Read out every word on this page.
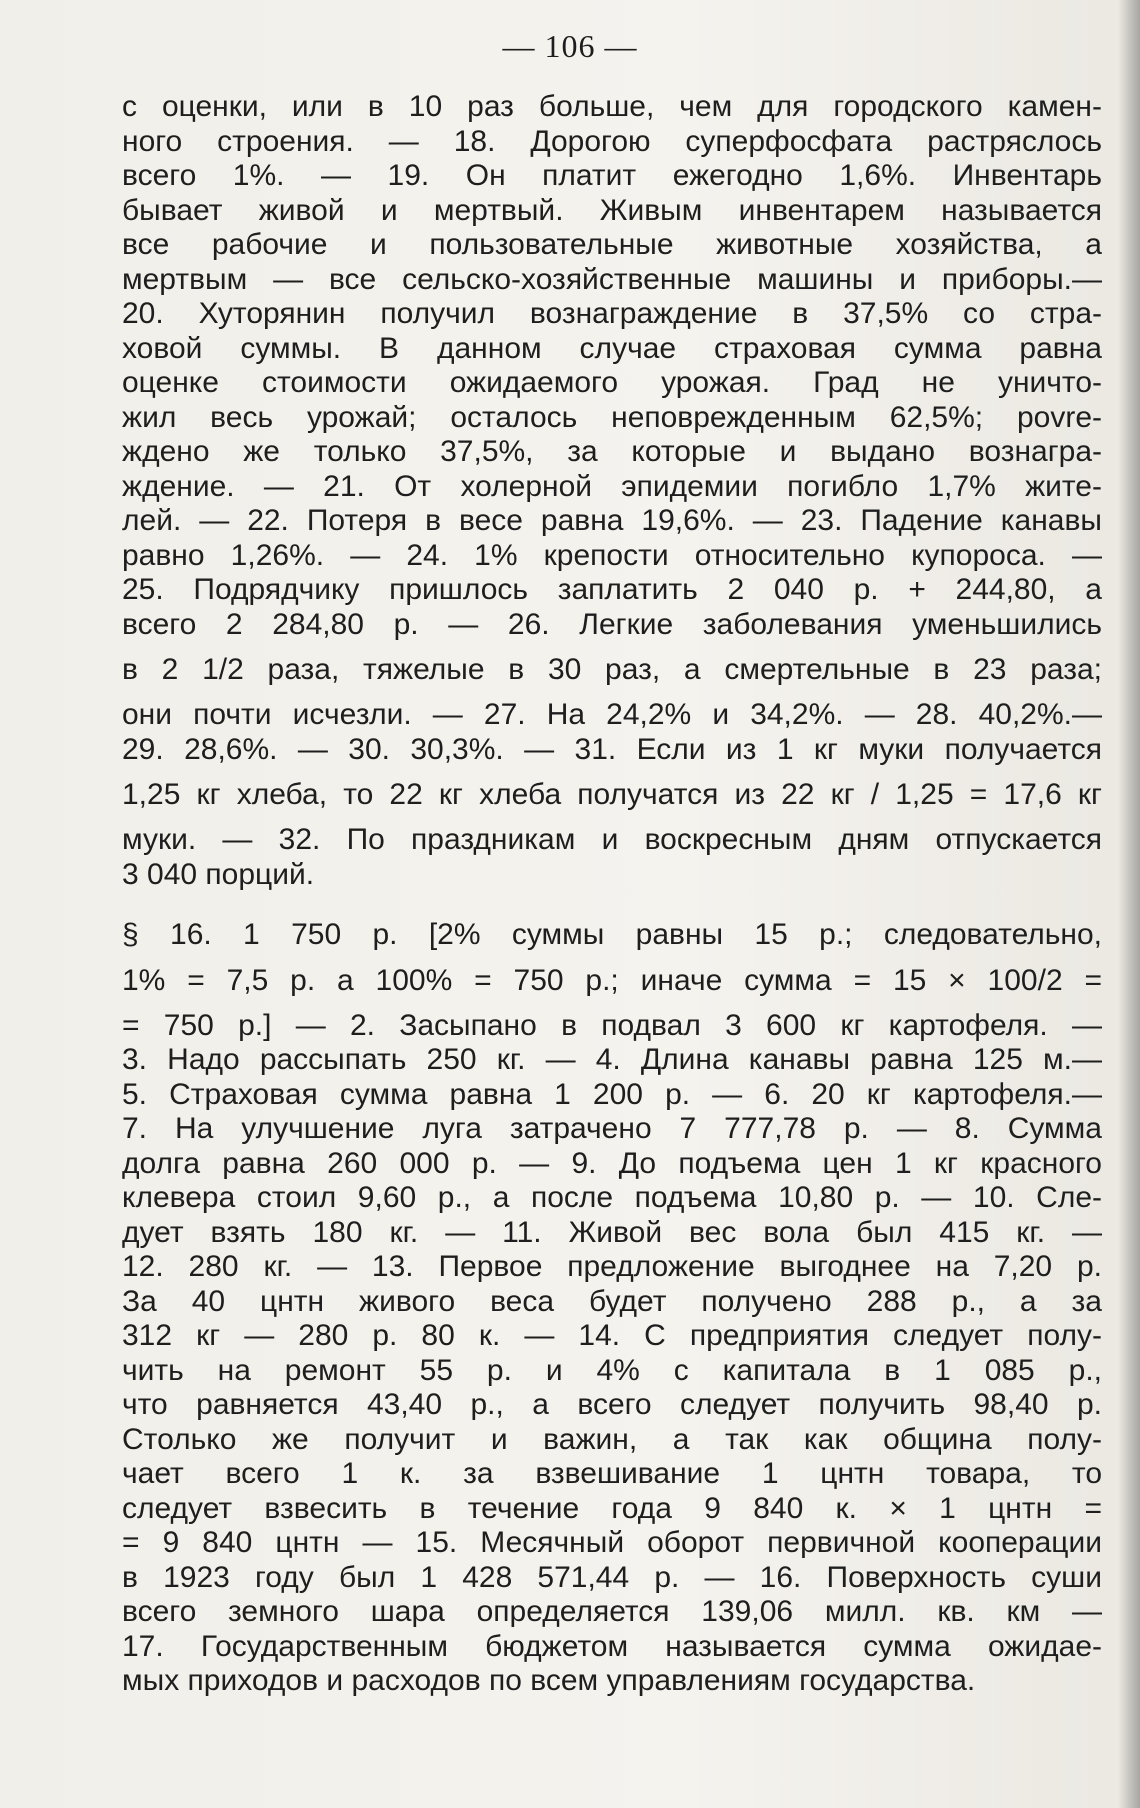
— 106 —
с оценки, или в 10 раз больше, чем для городского камен-
ного строения. — 18. Дорогою суперфосфата растряслось
всего 1%. — 19. Он платит ежегодно 1,6%. Инвентарь
бывает живой и мертвый. Живым инвентарем называется
все рабочие и пользовательные животные хозяйства, а
мертвым — все сельско-хозяйственные машины и приборы.—
20. Хуторянин получил вознаграждение в 37,5% со стра-
ховой суммы. В данном случае страховая сумма равна
оценке стоимости ожидаемого урожая. Град не уничто-
жил весь урожай; осталось неповрежденным 62,5%; povre-
ждено же только 37,5%, за которые и выдано вознагра-
ждение. — 21. От холерной эпидемии погибло 1,7% жите-
лей. — 22. Потеря в весе равна 19,6%. — 23. Падение канавы
равно 1,26%. — 24. 1% крепости относительно купороса. —
25. Подрядчику пришлось заплатить 2 040 р. + 244,80, а
всего 2 284,80 р. — 26. Легкие заболевания уменьшились
в 2 1/2 раза, тяжелые в 30 раз, а смертельные в 23 раза;
они почти исчезли. — 27. На 24,2% и 34,2%. — 28. 40,2%.—
29. 28,6%. — 30. 30,3%. — 31. Если из 1 кг муки получается
1,25 кг хлеба, то 22 кг хлеба получатся из 22 кг / 1,25 = 17,6 кг
муки. — 32. По праздникам и воскресным дням отпускается
3 040 порций.
§ 16. 1 750 р. [2% суммы равны 15 р.; следовательно,
1% = 7,5 р. а 100% = 750 р.; иначе сумма = 15 × 100/2 =
= 750 р.] — 2. Засыпано в подвал 3 600 кг картофеля. —
3. Надо рассыпать 250 кг. — 4. Длина канавы равна 125 м.—
5. Страховая сумма равна 1 200 р. — 6. 20 кг картофеля.—
7. На улучшение луга затрачено 7 777,78 р. — 8. Сумма
долга равна 260 000 р. — 9. До подъема цен 1 кг красного
клевера стоил 9,60 р., а после подъема 10,80 р. — 10. Сле-
дует взять 180 кг. — 11. Живой вес вола был 415 кг. —
12. 280 кг. — 13. Первое предложение выгоднее на 7,20 р.
За 40 цнтн живого веса будет получено 288 р., а за
312 кг — 280 р. 80 к. — 14. С предприятия следует полу-
чить на ремонт 55 р. и 4% с капитала в 1 085 р.,
что равняется 43,40 р., а всего следует получить 98,40 р.
Столько же получит и важин, а так как община полу-
чает всего 1 к. за взвешивание 1 цнтн товара, то
следует взвесить в течение года 9 840 к. × 1 цнтн =
= 9 840 цнтн — 15. Месячный оборот первичной кооперации
в 1923 году был 1 428 571,44 р. — 16. Поверхность суши
всего земного шара определяется 139,06 милл. кв. км —
17. Государственным бюджетом называется сумма ожидае-
мых приходов и расходов по всем управлениям государства.
